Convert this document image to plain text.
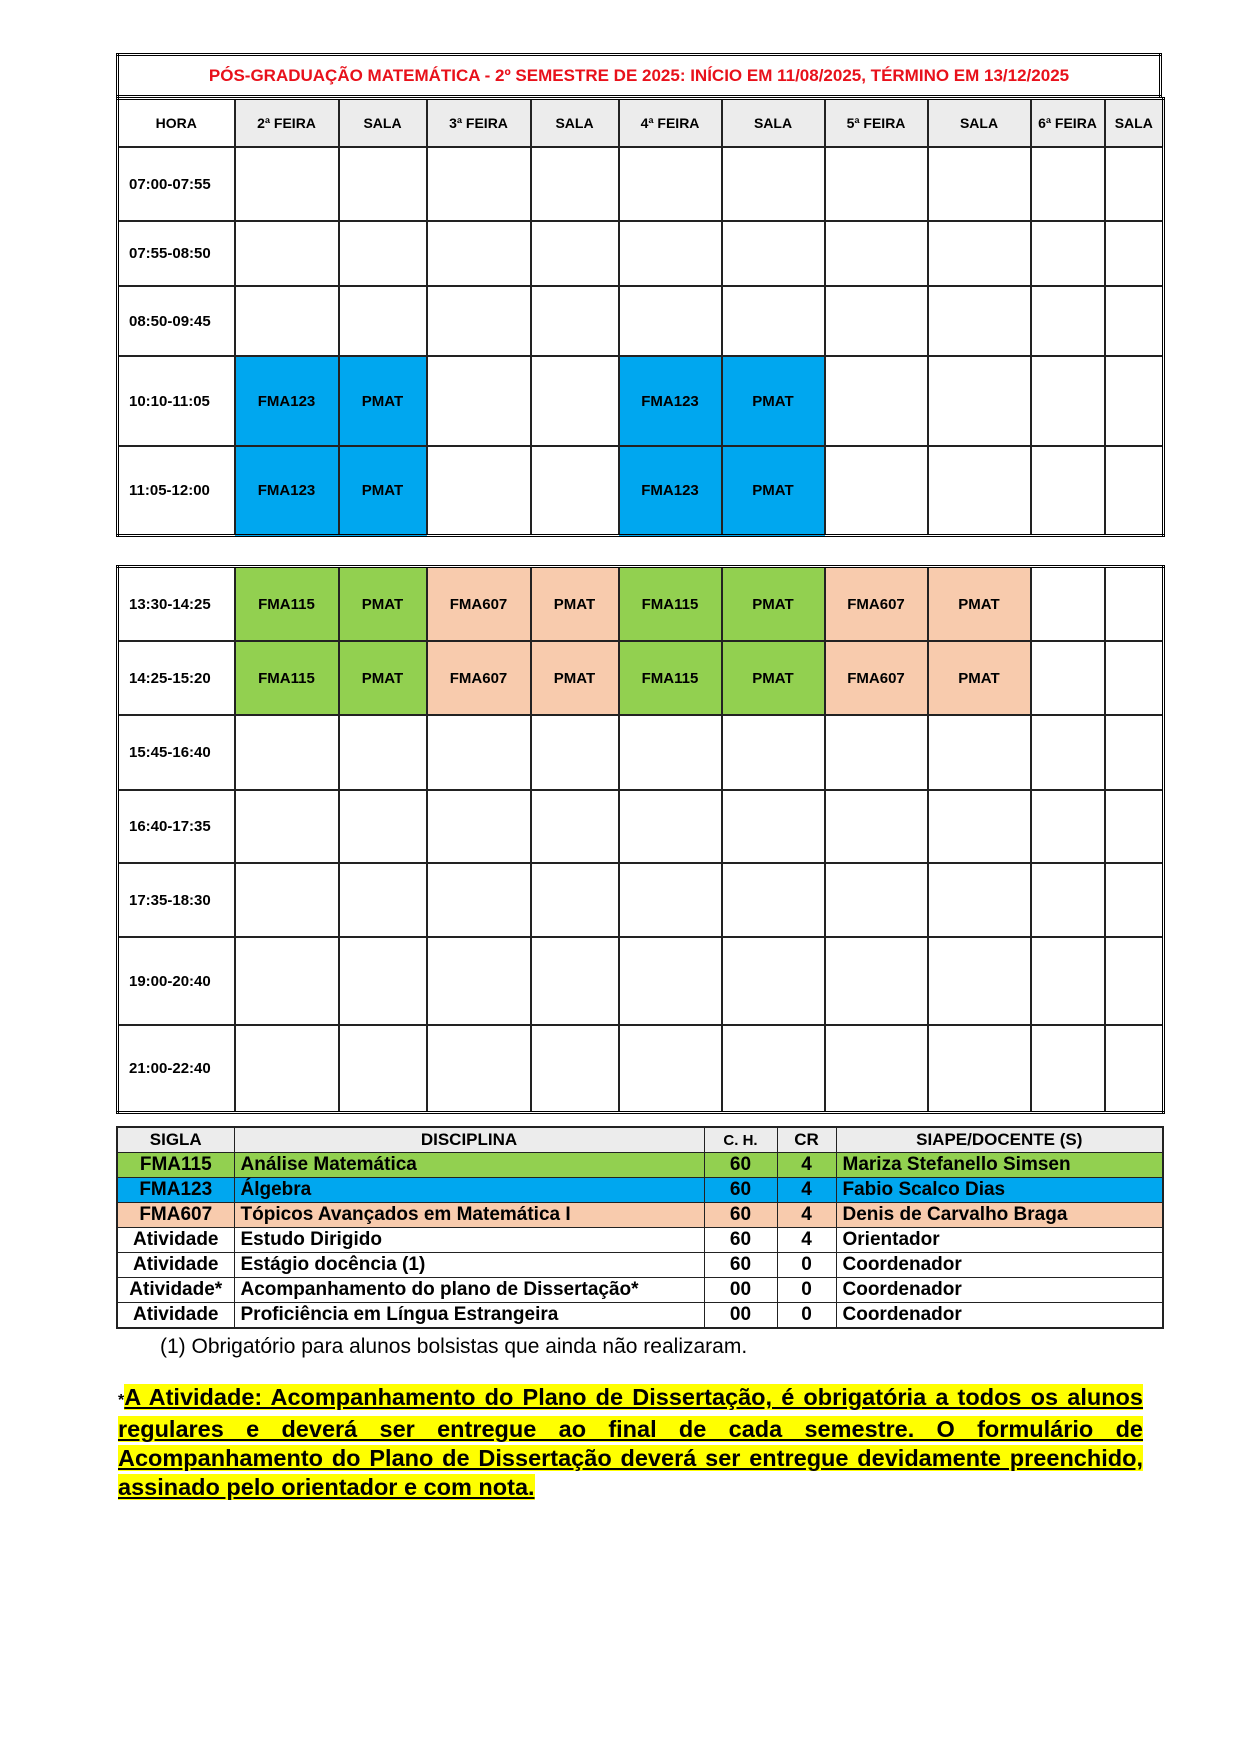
PÓS-GRADUAÇÃO MATEMÁTICA - 2º SEMESTRE DE 2025: INÍCIO EM 11/08/2025, TÉRMINO EM 13/12/2025
HORA	2ª FEIRA	SALA	3ª FEIRA	SALA	4ª FEIRA	SALA	5ª FEIRA	SALA	6ª FEIRA	SALA
07:00-07:55										
07:55-08:50										
08:50-09:45										
10:10-11:05	FMA123	PMAT			FMA123	PMAT				
11:05-12:00	FMA123	PMAT			FMA123	PMAT				
13:30-14:25	FMA115	PMAT	FMA607	PMAT	FMA115	PMAT	FMA607	PMAT		
14:25-15:20	FMA115	PMAT	FMA607	PMAT	FMA115	PMAT	FMA607	PMAT		
15:45-16:40										
16:40-17:35										
17:35-18:30										
19:00-20:40										
21:00-22:40										
SIGLA	DISCIPLINA	C. H.	CR	SIAPE/DOCENTE (S)
FMA115	Análise Matemática	60	4	Mariza Stefanello Simsen
FMA123	Álgebra	60	4	Fabio Scalco Dias
FMA607	Tópicos Avançados em Matemática I	60	4	Denis de Carvalho Braga
Atividade	Estudo Dirigido	60	4	Orientador
Atividade	Estágio docência (1)	60	0	Coordenador
Atividade*	Acompanhamento do plano de Dissertação*	00	0	Coordenador
Atividade	Proficiência em Língua Estrangeira	00	0	Coordenador
(1) Obrigatório para alunos bolsistas que ainda não realizaram.
*A Atividade: Acompanhamento do Plano de Dissertação, é obrigatória a todos os alunos regulares e deverá ser entregue ao final de cada semestre. O formulário de Acompanhamento do Plano de Dissertação deverá ser entregue devidamente preenchido, assinado pelo orientador e com nota.
